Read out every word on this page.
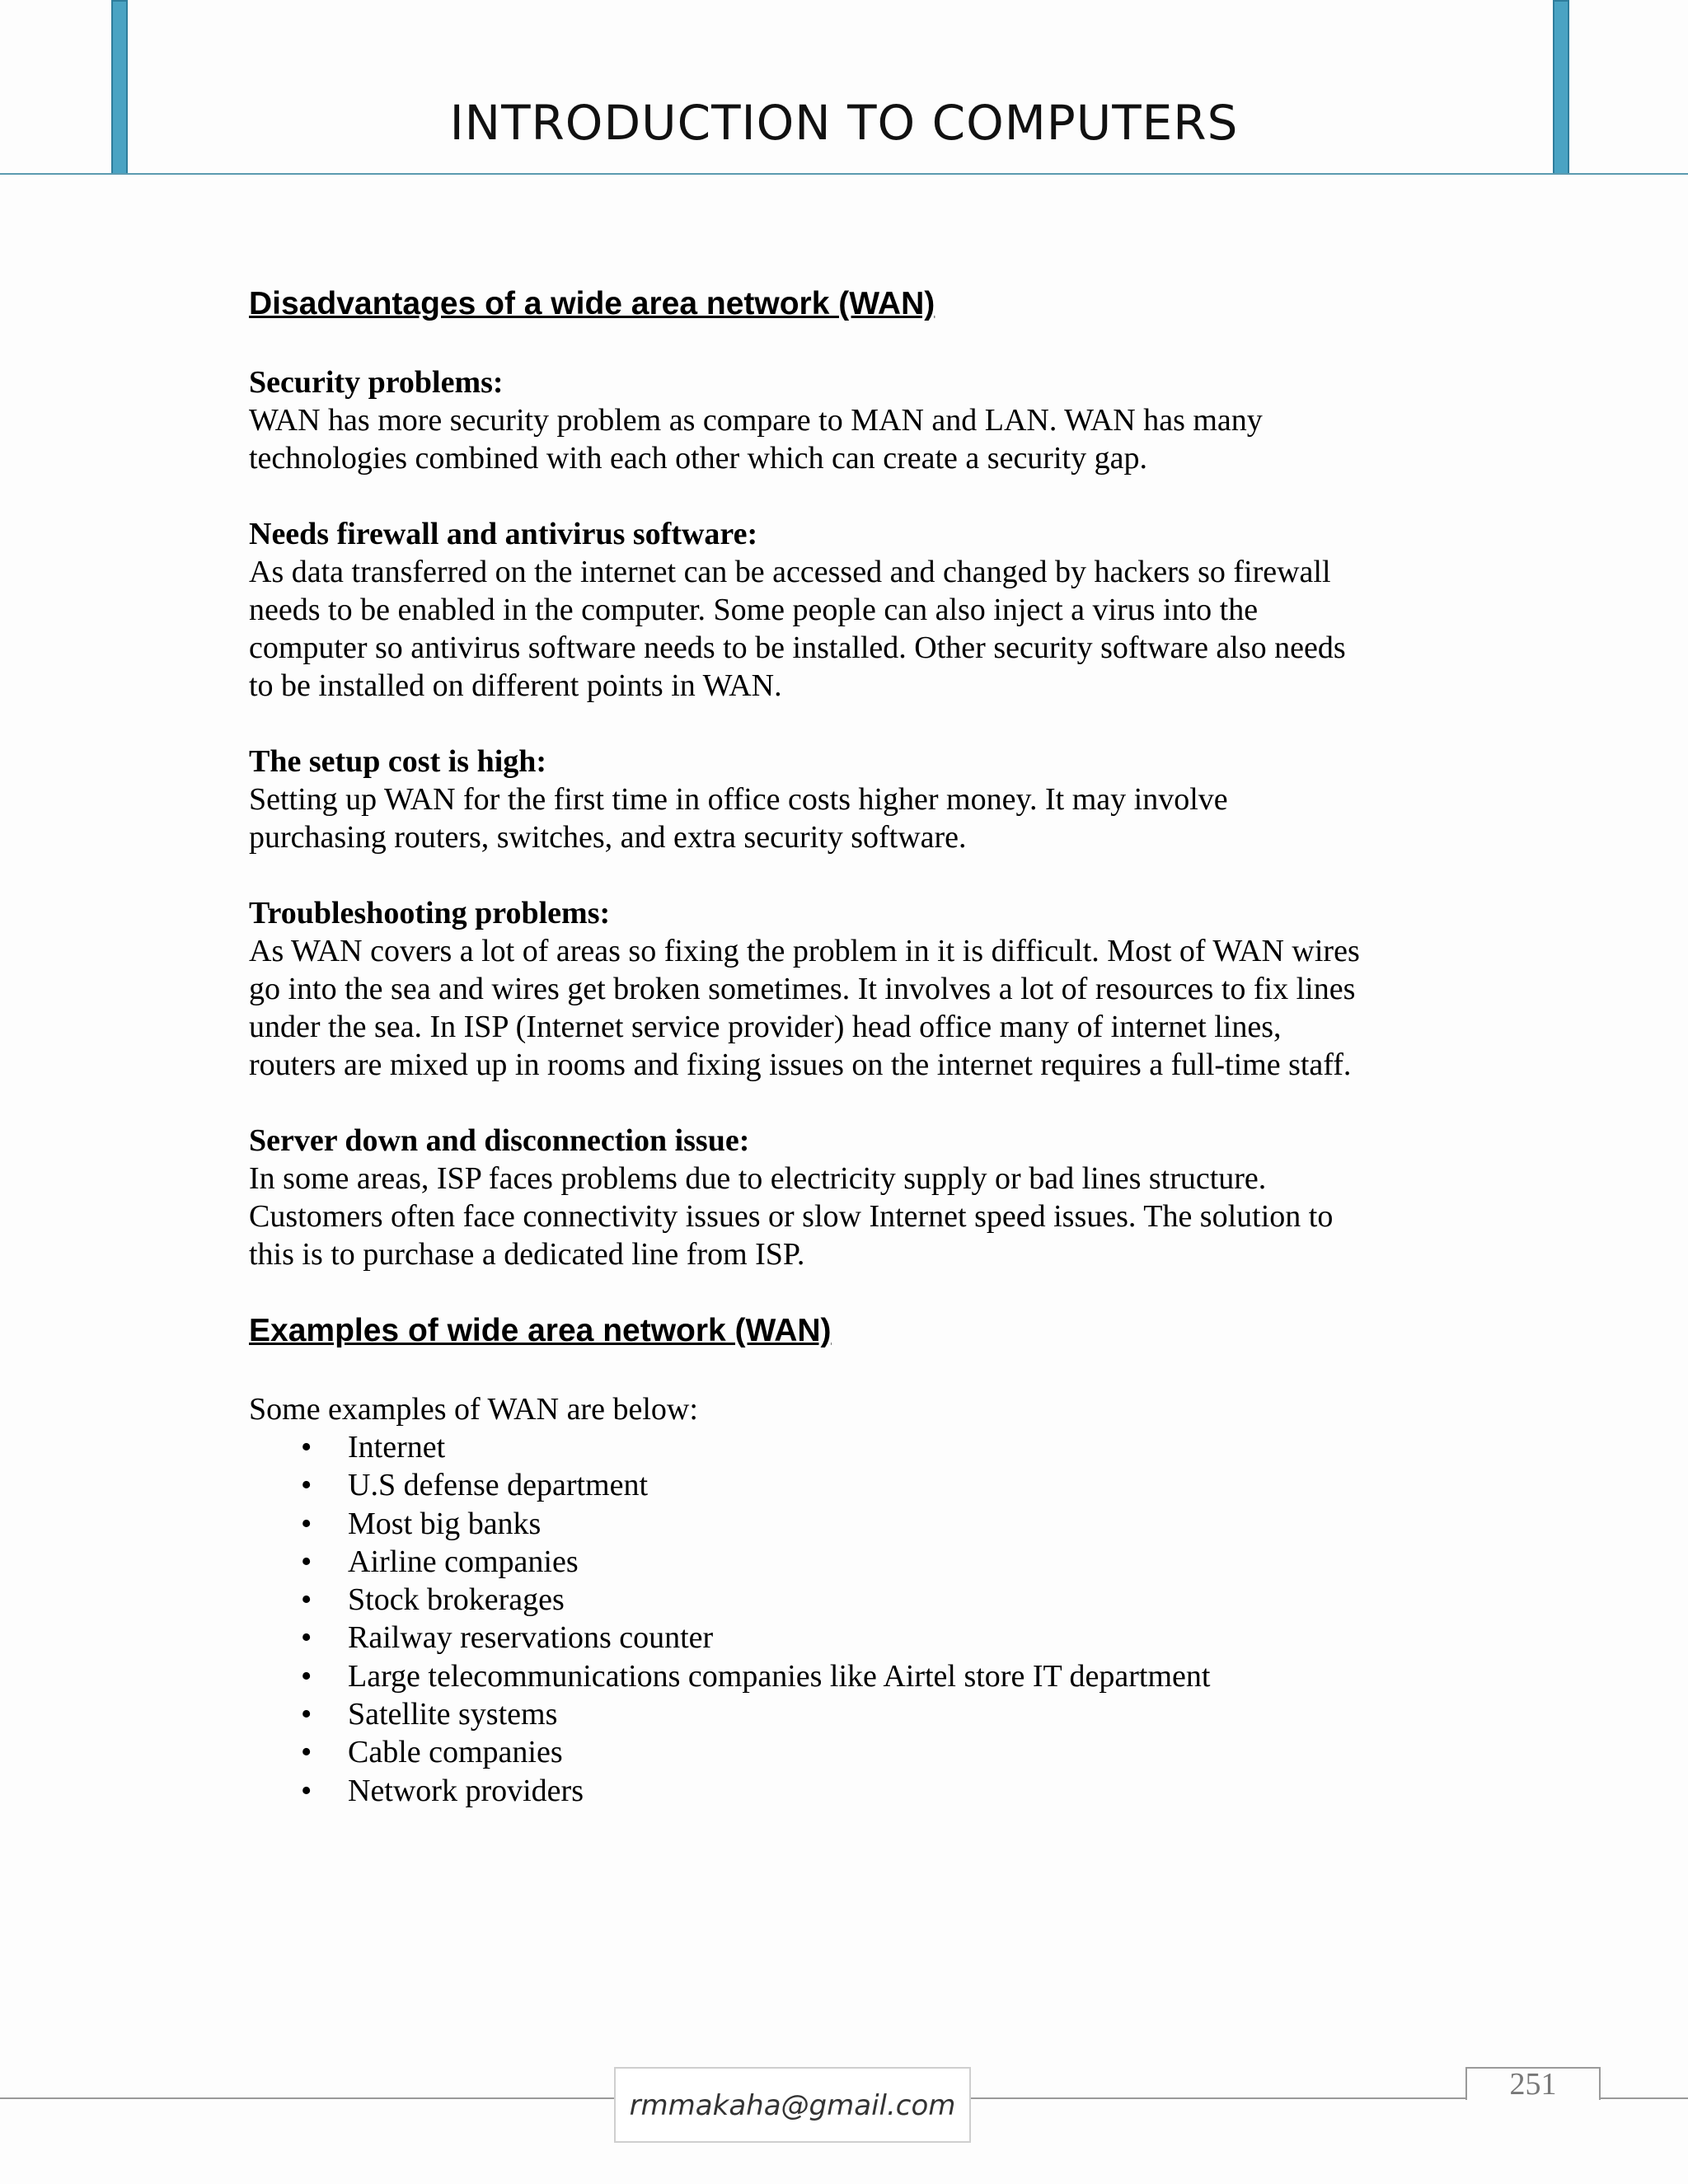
INTRODUCTION TO COMPUTERS
Disadvantages of a wide area network (WAN)

Security problems:

WAN has more security problem as compare to MAN and LAN. WAN has many

technologies combined with each other which can create a security gap.

Needs firewall and antivirus software:

As data transferred on the internet can be accessed and changed by hackers so firewall

needs to be enabled in the computer. Some people can also inject a virus into the

computer so antivirus software needs to be installed. Other security software also needs

to be installed on different points in WAN.

The setup cost is high:

Setting up WAN for the first time in office costs higher money. It may involve

purchasing routers, switches, and extra security software.

Troubleshooting problems:

As WAN covers a lot of areas so fixing the problem in it is difficult. Most of WAN wires

go into the sea and wires get broken sometimes. It involves a lot of resources to fix lines

under the sea. In ISP (Internet service provider) head office many of internet lines,

routers are mixed up in rooms and fixing issues on the internet requires a full-time staff.

Server down and disconnection issue:

In some areas, ISP faces problems due to electricity supply or bad lines structure.

Customers often face connectivity issues or slow Internet speed issues. The solution to

this is to purchase a dedicated line from ISP.

Examples of wide area network (WAN)

Some examples of WAN are below:

• Internet
• U.S defense department
• Most big banks
• Airline companies
• Stock brokerages
• Railway reservations counter
• Large telecommunications companies like Airtel store IT department
• Satellite systems
• Cable companies
• Network providers
rmmakaha@gmail.com
251
